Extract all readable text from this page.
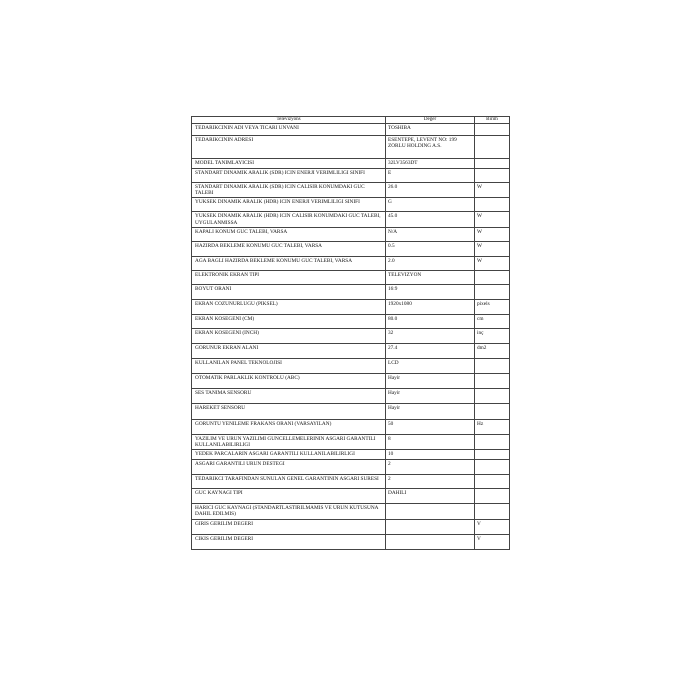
Televizyons	Deger	Birim
TEDARIKCININ ADI VEYA TICARI UNVANI	TOSHIBA	
TEDARIKCININ ADRESI	ESENTEPE, LEVENT NO: 199 ZORLU HOLDING A.S.	
MODEL TANIMLAYICISI	32LV3563DT	
STANDART DINAMIK ARALIK (SDR) ICIN ENERJI VERIMLILIGI SINIFI	E	
STANDART DINAMIK ARALIK (SDR) ICIN CALISIR KONUMDAKI GUC TALEBI	26.0	W
YUKSEK DINAMIK ARALIK (HDR) ICIN ENERJI VERIMLILIGI SINIFI	G	
YUKSEK DINAMIK ARALIK (HDR) ICIN CALISIR KONUMDAKI GUC TALEBI, UYGULANMISSA	45.0	W
KAPALI KONUM GUC TALEBI, VARSA	N/A	W
HAZIRDA BEKLEME KONUMU GUC TALEBI, VARSA	0.5	W
AGA BAGLI HAZIRDA BEKLEME KONUMU GUC TALEBI, VARSA	2.0	W
ELEKTRONIK EKRAN TIPI	TELEVIZYON	
BOYUT ORANI	16:9	
EKRAN COZUNURLUGU (PIKSEL)	1920x1080	pixels
EKRAN KOSEGENI (CM)	80.0	cm
EKRAN KOSEGENI (INCH)	32	inç
GORUNUR EKRAN ALANI	27.4	dm2
KULLANILAN PANEL TEKNOLOJISI	LCD	
OTOMATIK PARLAKLIK KONTROLU (ABC)	Hayir	
SES TANIMA SENSORU	Hayir	
HAREKET SENSORU	Hayir	
GORUNTU YENILEME FRAKANS ORANI (VARSAYILAN)	50	Hz
YAZILIM VE URUN YAZILIMI GUNCELLEMELERININ ASGARI GARANTILI KULLANILABILIRLIGI	8	
YEDEK PARCALARIN ASGARI GARANTILI KULLANILABILIRLIGI	10	
ASGARI GARANTILI URUN DESTEGI	2	
TEDARIKCI TARAFINDAN SUNULAN GENEL GARANTININ ASGARI SURESI	2	
GUC KAYNAGI TIPI	DAHILI	
HARICI GUC KAYNAGI (STANDARTLASTIRILMAMIS VE URUN KUTUSUNA DAHIL EDILMIS)		
GIRIS GERILIM DEGERI		V
CIKIS GERILIM DEGERI		V
